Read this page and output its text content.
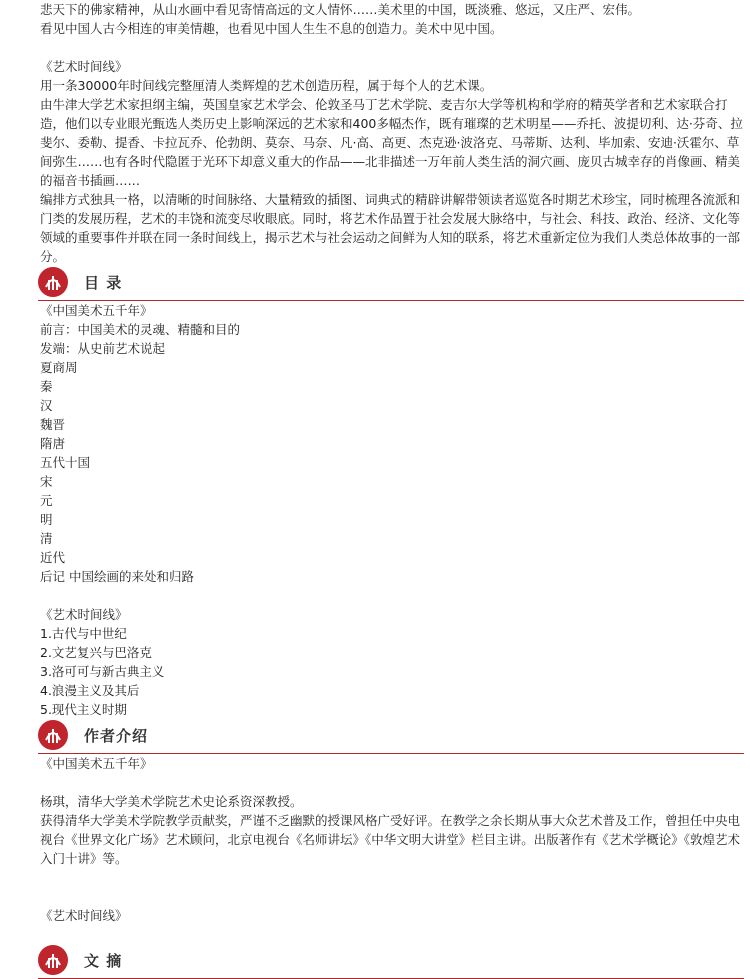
悲天下的佛家精神，从山水画中看见寄情高远的文人情怀……美术里的中国，既淡雅、悠远，又庄严、宏伟。
看见中国人古今相连的审美情趣，也看见中国人生生不息的创造力。美术中见中国。
《艺术时间线》
用一条30000年时间线完整厘清人类辉煌的艺术创造历程，属于每个人的艺术课。
由牛津大学艺术家担纲主编，英国皇家艺术学会、伦敦圣马丁艺术学院、麦吉尔大学等机构和学府的精英学者和艺术家联合打造，他们以专业眼光甄选人类历史上影响深远的艺术家和400多幅杰作，既有璀璨的艺术明星——乔托、波提切利、达·芬奇、拉斐尔、委勒、提香、卡拉瓦乔、伦勃朗、莫奈、马奈、凡·高、高更、杰克逊·波洛克、马蒂斯、达利、毕加索、安迪·沃霍尔、草间弥生……也有各时代隐匿于光环下却意义重大的作品——北非描述一万年前人类生活的洞穴画、庞贝古城幸存的肖像画、精美的福音书插画……
编排方式独具一格，以清晰的时间脉络、大量精致的插图、词典式的精辟讲解带领读者巡览各时期艺术珍宝，同时梳理各流派和门类的发展历程，艺术的丰饶和流变尽收眼底。同时，将艺术作品置于社会发展大脉络中，与社会、科技、政治、经济、文化等领域的重要事件并联在同一条时间线上，揭示艺术与社会运动之间鲜为人知的联系，将艺术重新定位为我们人类总体故事的一部分。
目 录
《中国美术五千年》
前言：中国美术的灵魂、精髓和目的
发端：从史前艺术说起
夏商周
秦
汉
魏晋
隋唐
五代十国
宋
元
明
清
近代
后记 中国绘画的来处和归路
《艺术时间线》
1.古代与中世纪
2.文艺复兴与巴洛克
3.洛可可与新古典主义
4.浪漫主义及其后
5.现代主义时期
作者介绍
《中国美术五千年》
杨琪，清华大学美术学院艺术史论系资深教授。
获得清华大学美术学院教学贡献奖，严谨不乏幽默的授课风格广受好评。在教学之余长期从事大众艺术普及工作，曾担任中央电视台《世界文化广场》艺术顾问，北京电视台《名师讲坛》《中华文明大讲堂》栏目主讲。出版著作有《艺术学概论》《敦煌艺术入门十讲》等。
《艺术时间线》
文 摘
